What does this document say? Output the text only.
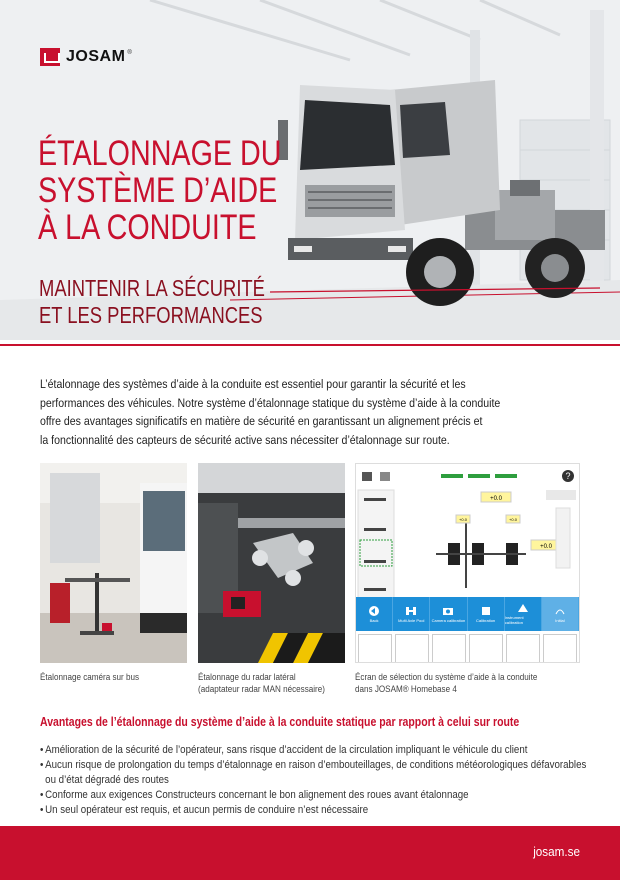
JOSAM ®
ÉTALONNAGE DU
SYSTÈME D’AIDE
À LA CONDUITE
MAINTENIR LA SÉCURITÉ
ET LES PERFORMANCES
L’étalonnage des systèmes d’aide à la conduite est essentiel pour garantir la sécurité et les
performances des véhicules. Notre système d’étalonnage statique du système d’aide à la conduite
offre des avantages significatifs en matière de sécurité en garantissant un alignement précis et
la fonctionnalité des capteurs de sécurité active sans nécessiter d’étalonnage sur route.
?
+0.0
+0.0	+0.0
+0.0
Back	Multi Axle Pool Camera calibration	Calibration Instrument calibration	Initial
Étalonnage caméra sur bus	Étalonnage du radar latéral
(adaptateur radar MAN nécessaire)
Écran de sélection du système d’aide à la conduite
dans JOSAM® Homebase 4
Avantages de l’étalonnage du système d’aide à la conduite statique par rapport à celui sur route
• Amélioration de la sécurité de l’opérateur, sans risque d’accident de la circulation impliquant le véhicule du client
• Aucun risque de prolongation du temps d’étalonnage en raison d’embouteillages, de conditions météorologiques défavorables
ou d’état dégradé des routes
• Conforme aux exigences Constructeurs concernant le bon alignement des roues avant étalonnage
• Un seul opérateur est requis, et aucun permis de conduire n’est nécessaire
josam.se
